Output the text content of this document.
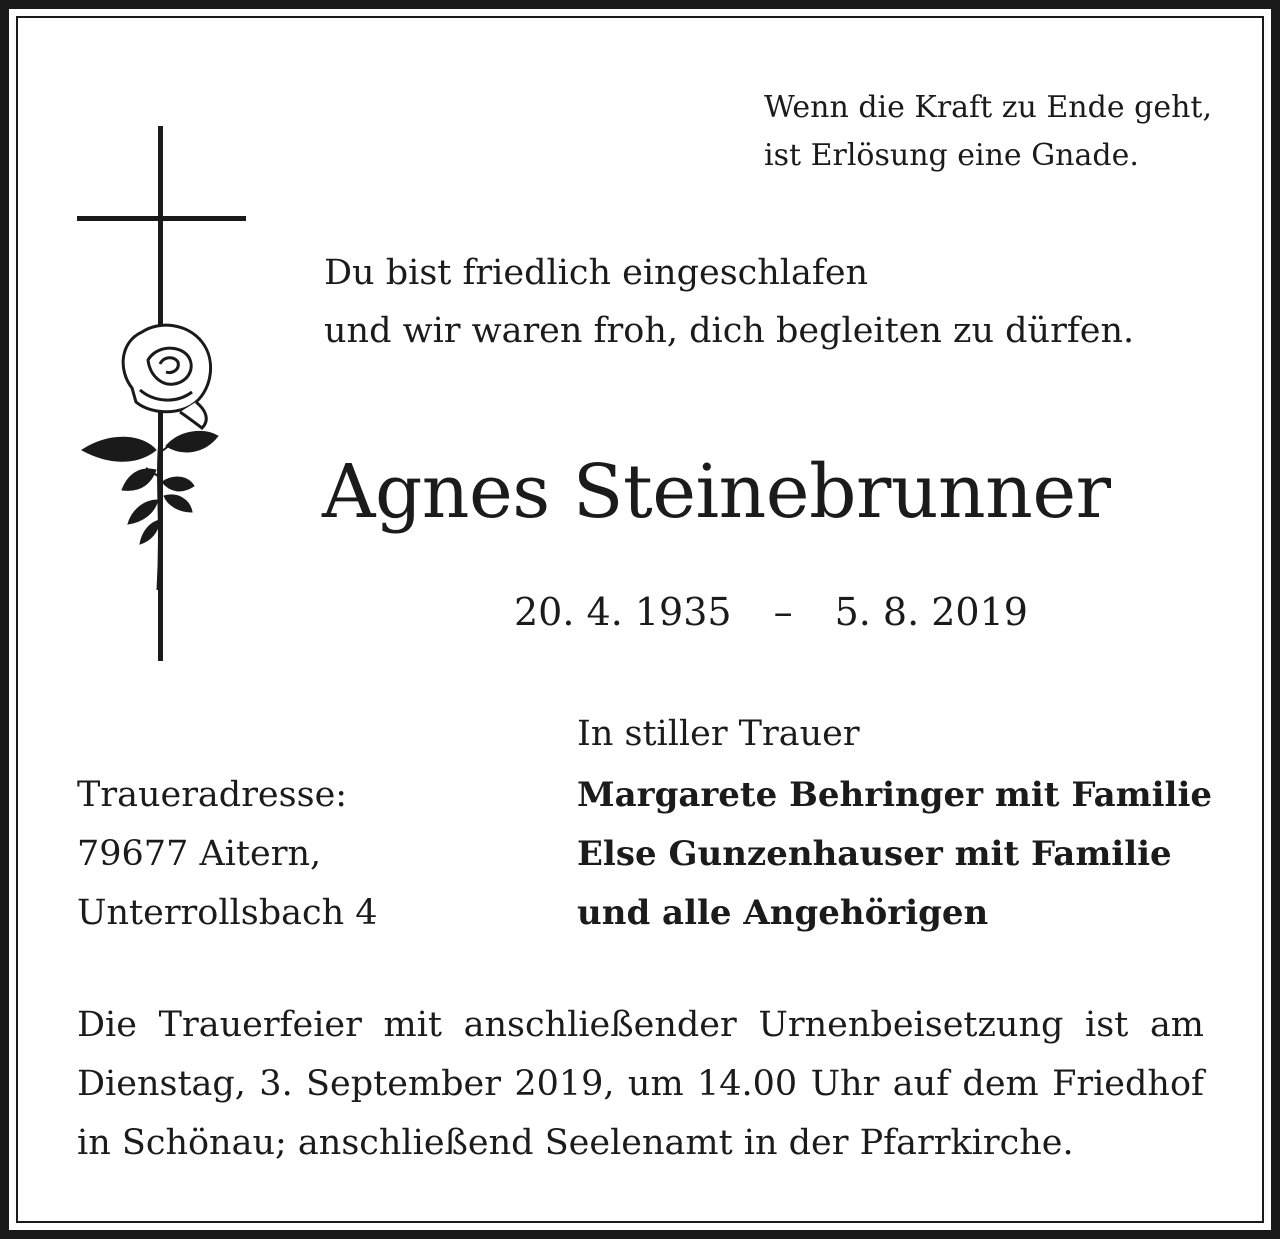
Wenn die Kraft zu Ende geht,
ist Erlösung eine Gnade.
Du bist friedlich eingeschlafen
und wir waren froh, dich begleiten zu dürfen.
Agnes Steinebrunner
20. 4. 1935 – 5. 8. 2019
In stiller Trauer
Margarete Behringer mit Familie
Else Gunzenhauser mit Familie
und alle Angehörigen
Traueradresse:
79677 Aitern,
Unterrollsbach 4
Die Trauerfeier mit anschließender Urnenbeisetzung ist am
Dienstag, 3. September 2019, um 14.00 Uhr auf dem Friedhof
in Schönau; anschließend Seelenamt in der Pfarrkirche.
